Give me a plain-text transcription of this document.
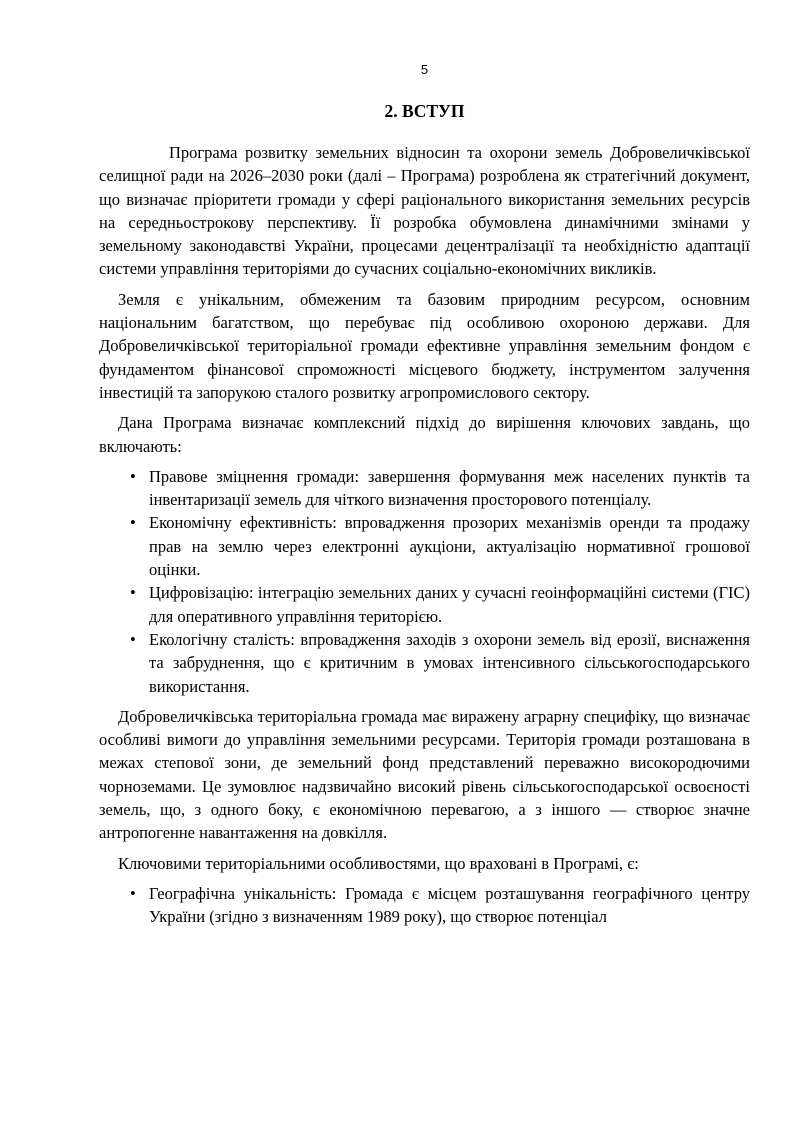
5
2. ВСТУП

Програма розвитку земельних відносин та охорони земель Добровеличківської селищної ради на 2026–2030 роки (далі – Програма) розроблена як стратегічний документ, що визначає пріоритети громади у сфері раціонального використання земельних ресурсів на середньострокову перспективу. Її розробка обумовлена динамічними змінами у земельному законодавстві України, процесами децентралізації та необхідністю адаптації системи управління територіями до сучасних соціально-економічних викликів.

Земля є унікальним, обмеженим та базовим природним ресурсом, основним національним багатством, що перебуває під особливою охороною держави. Для Добровеличківської територіальної громади ефективне управління земельним фондом є фундаментом фінансової спроможності місцевого бюджету, інструментом залучення інвестицій та запорукою сталого розвитку агропромислового сектору.

Дана Програма визначає комплексний підхід до вирішення ключових завдань, що включають:

• Правове зміцнення громади: завершення формування меж населених пунктів та інвентаризації земель для чіткого визначення просторового потенціалу.
• Економічну ефективність: впровадження прозорих механізмів оренди та продажу прав на землю через електронні аукціони, актуалізацію нормативної грошової оцінки.
• Цифровізацію: інтеграцію земельних даних у сучасні геоінформаційні системи (ГІС) для оперативного управління територією.
• Екологічну сталість: впровадження заходів з охорони земель від ерозії, виснаження та забруднення, що є критичним в умовах інтенсивного сільськогосподарського використання.

Добровеличківська територіальна громада має виражену аграрну специфіку, що визначає особливі вимоги до управління земельними ресурсами. Територія громади розташована в межах степової зони, де земельний фонд представлений переважно високородючими чорноземами. Це зумовлює надзвичайно високий рівень сільськогосподарської освоєності земель, що, з одного боку, є економічною перевагою, а з іншого — створює значне антропогенне навантаження на довкілля.

Ключовими територіальними особливостями, що враховані в Програмі, є:

• Географічна унікальність: Громада є місцем розташування географічного центру України (згідно з визначенням 1989 року), що створює потенціал
